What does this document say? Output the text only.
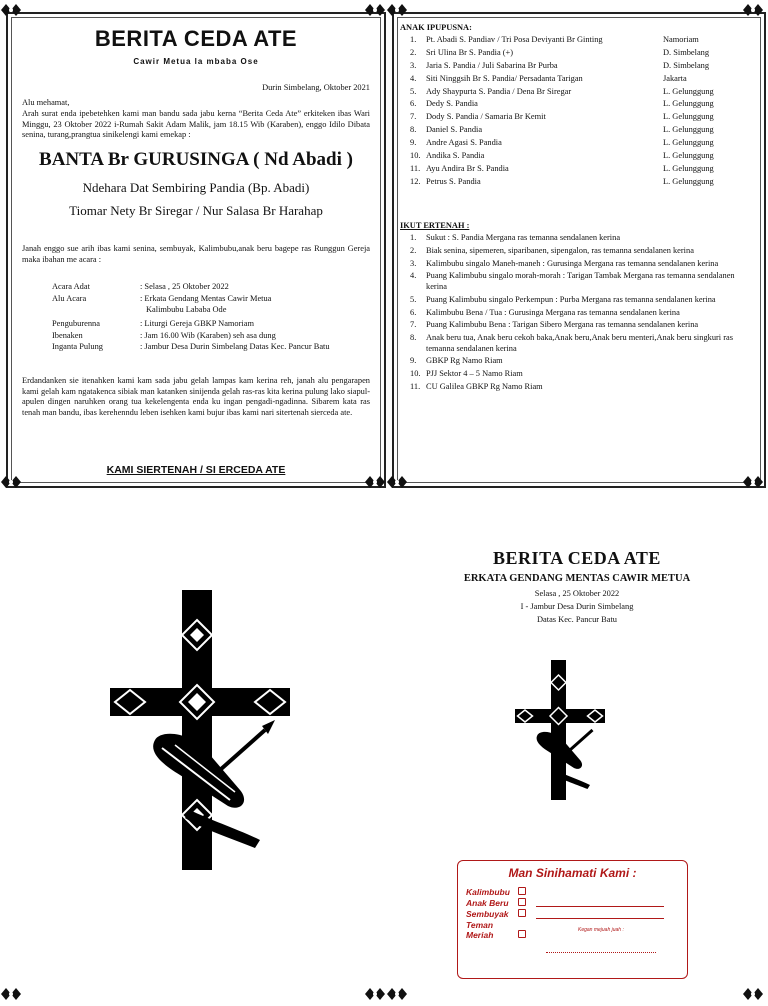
BERITA CEDA ATE
Cawir Metua la mbaba Ose
Durin Simbelang, Oktober 2021
Alu mehamat,
Arah surat enda ipebetehken kami man bandu sada jabu kerna “Berita Ceda Ate” erkiteken ibas Wari Minggu, 23 Oktober 2022 i-Rumah Sakit Adam Malik, jam 18.15 Wib (Karaben), enggo Idilo Dibata senina, turang,prangtua sinikelengi kami emekap :
BANTA Br GURUSINGA ( Nd Abadi )
Ndehara Dat Sembiring Pandia (Bp. Abadi)
Tiomar Nety Br Siregar / Nur Salasa Br Harahap
Janah enggo sue arih ibas kami senina, sembuyak, Kalimbubu,anak beru bagepe ras Runggun Gereja maka ibahan me acara :
Acara Adat	: Selasa , 25 Oktober 2022
Alu Acara	: Erkata Gendang Mentas Cawir Metua
Kalimbubu Lababa Ode
Penguburenna	: Liturgi Gereja GBKP Namoriam
Ibenaken	: Jam 16.00 Wib (Karaben) seh asa dung
Inganta Pulung	: Jambur Desa Durin Simbelang Datas Kec. Pancur Batu
Erdandanken sie itenahken kami kam sada jabu gelah lampas kam kerina reh, janah alu pengarapen kami gelah kam ngatakenca sibiak man katanken sinijenda gelah ras-ras kita kerina pulung lako siapul-apulen dingen naruhken orang tua kekelengenta enda ku ingan pengadi-ngadinna. Sibarem kata ras tenah man bandu, ibas kerehenndu leben isehken kami bujur ibas kami nari sitertenah sierceda ate.
KAMI SIERTENAH / SI ERCEDA ATE
ANAK IPUPUSNA:
1.	Pt. Abadi S. Pandiav / Tri Posa Deviyanti Br Ginting	Namoriam
2.	Sri Ulina Br S. Pandia (+)	D. Simbelang
3.	Jaria S. Pandia / Juli Sabarina Br Purba	D. Simbelang
4.	Siti Ninggsih Br S. Pandia/ Persadanta Tarigan	Jakarta
5.	Ady Shaypurta S. Pandia / Dena Br Siregar	L. Gelunggung
6.	Dedy S. Pandia	L. Gelunggung
7.	Dody S. Pandia / Samaria Br Kemit	L. Gelunggung
8.	Daniel S. Pandia	L. Gelunggung
9.	Andre Agasi S. Pandia	L. Gelunggung
10. Andika S. Pandia	L. Gelunggung
11. Ayu Andira Br S. Pandia	L. Gelunggung
12. Petrus S. Pandia	L. Gelunggung
IKUT ERTENAH :
1.	Sukut : S. Pandia Mergana ras temanna sendalanen kerina
2.	Biak senina, sipemeren, siparibanen, sipengalon, ras temanna sendalanen kerina
3.	Kalimbubu singalo Maneh-maneh : Gurusinga Mergana ras temanna sendalanen kerina
4.	Puang Kalimbubu singalo morah-morah : Tarigan Tambak Mergana ras temanna sendalanen kerina
5.	Puang Kalimbubu singalo Perkempun : Purba Mergana ras temanna sendalanen kerina
6.	Kalimbubu Bena / Tua : Gurusinga Mergana ras temanna sendalanen kerina
7.	Puang Kalimbubu Bena : Tarigan Sibero Mergana ras temanna sendalanen kerina
8.	Anak beru tua, Anak beru cekoh baka,Anak beru,Anak beru menteri,Anak beru singkuri ras temanna sendalanen kerina
9.	GBKP Rg Namo Riam
10. PJJ Sektor 4 – 5 Namo Riam
11. CU Galilea GBKP Rg Namo Riam
BERITA CEDA ATE
ERKATA GENDANG MENTAS CAWIR METUA
Selasa , 25 Oktober 2022
I - Jambur Desa Durin Simbelang
Datas Kec. Pancur Batu
Man Sinihamati Kami :
Kalimbubu
Anak Beru
Sembuyak
Teman Meriah	Kegan mejuah juah :
